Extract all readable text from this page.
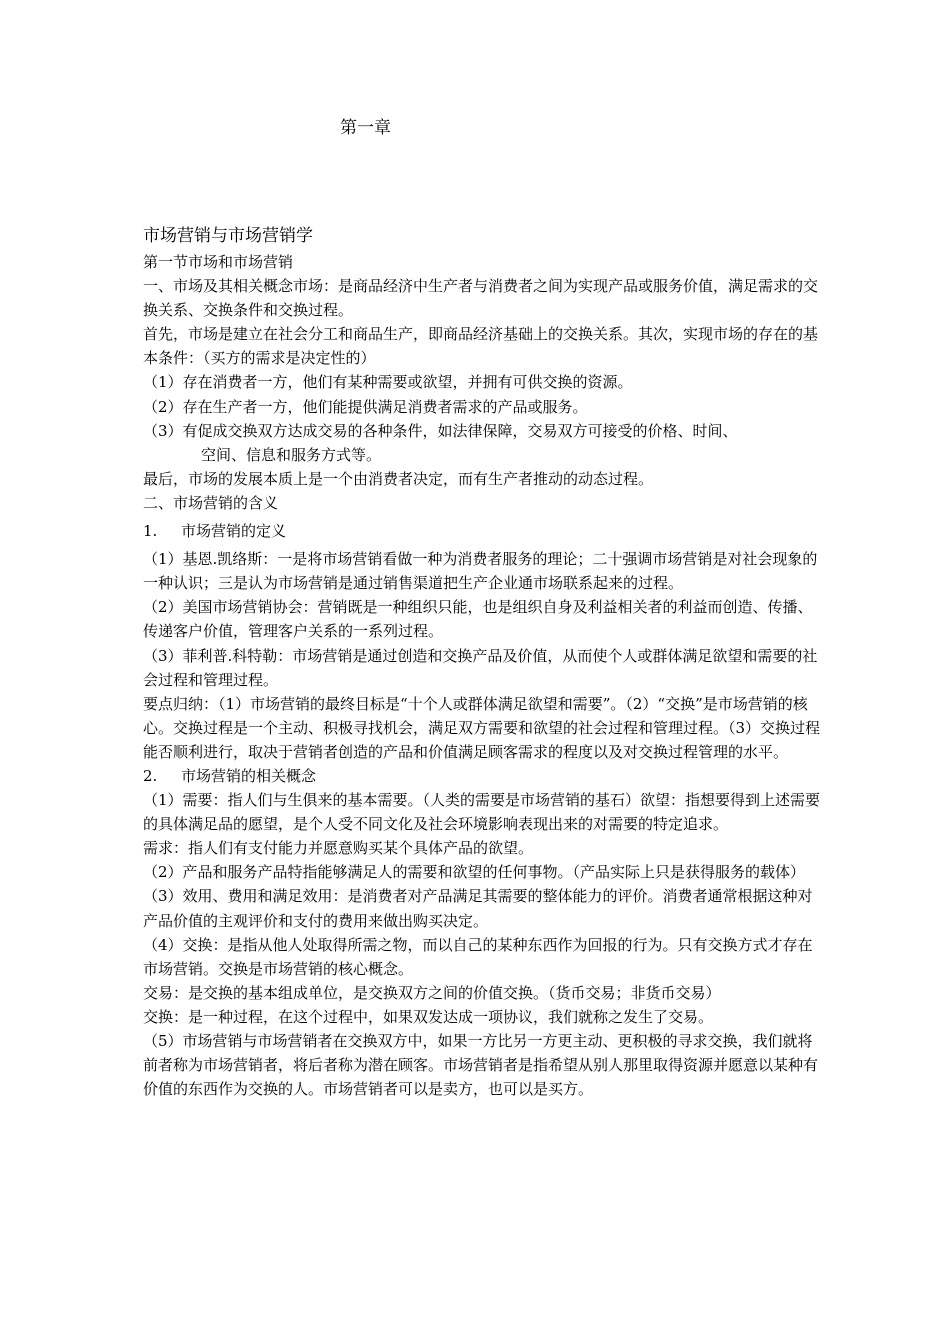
第一章

市场营销与市场营销学

第一节市场和市场营销

一、市场及其相关概念市场：是商品经济中生产者与消费者之间为实现产品或服务价值，满足需求的交换关系、交换条件和交换过程。

首先，市场是建立在社会分工和商品生产，即商品经济基础上的交换关系。其次，实现市场的存在的基本条件：（买方的需求是决定性的）

（1）存在消费者一方，他们有某种需要或欲望，并拥有可供交换的资源。

（2）存在生产者一方，他们能提供满足消费者需求的产品或服务。

（3）有促成交换双方达成交易的各种条件，如法律保障，交易双方可接受的价格、时间、

空间、信息和服务方式等。

最后，市场的发展本质上是一个由消费者决定，而有生产者推动的动态过程。

二、市场营销的含义

1. 市场营销的定义

（1）基恩.凯络斯：一是将市场营销看做一种为消费者服务的理论；二十强调市场营销是对社会现象的一种认识；三是认为市场营销是通过销售渠道把生产企业通市场联系起来的过程。

（2）美国市场营销协会：营销既是一种组织只能，也是组织自身及利益相关者的利益而创造、传播、传递客户价值，管理客户关系的一系列过程。

（3）菲利普.科特勒：市场营销是通过创造和交换产品及价值，从而使个人或群体满足欲望和需要的社会过程和管理过程。

要点归纳：（1）市场营销的最终目标是“十个人或群体满足欲望和需要”。（2）“交换”是市场营销的核心。交换过程是一个主动、积极寻找机会，满足双方需要和欲望的社会过程和管理过程。（3）交换过程能否顺利进行，取决于营销者创造的产品和价值满足顾客需求的程度以及对交换过程管理的水平。

2. 市场营销的相关概念

（1）需要：指人们与生俱来的基本需要。（人类的需要是市场营销的基石）欲望：指想要得到上述需要的具体满足品的愿望，是个人受不同文化及社会环境影响表现出来的对需要的特定追求。

需求：指人们有支付能力并愿意购买某个具体产品的欲望。

（2）产品和服务产品特指能够满足人的需要和欲望的任何事物。（产品实际上只是获得服务的载体）

（3）效用、费用和满足效用：是消费者对产品满足其需要的整体能力的评价。消费者通常根据这种对产品价值的主观评价和支付的费用来做出购买决定。

（4）交换：是指从他人处取得所需之物，而以自己的某种东西作为回报的行为。只有交换方式才存在市场营销。交换是市场营销的核心概念。

交易：是交换的基本组成单位，是交换双方之间的价值交换。（货币交易；非货币交易）

交换：是一种过程，在这个过程中，如果双发达成一项协议，我们就称之发生了交易。

（5）市场营销与市场营销者在交换双方中，如果一方比另一方更主动、更积极的寻求交换，我们就将前者称为市场营销者，将后者称为潜在顾客。市场营销者是指希望从别人那里取得资源并愿意以某种有价值的东西作为交换的人。市场营销者可以是卖方，也可以是买方。
